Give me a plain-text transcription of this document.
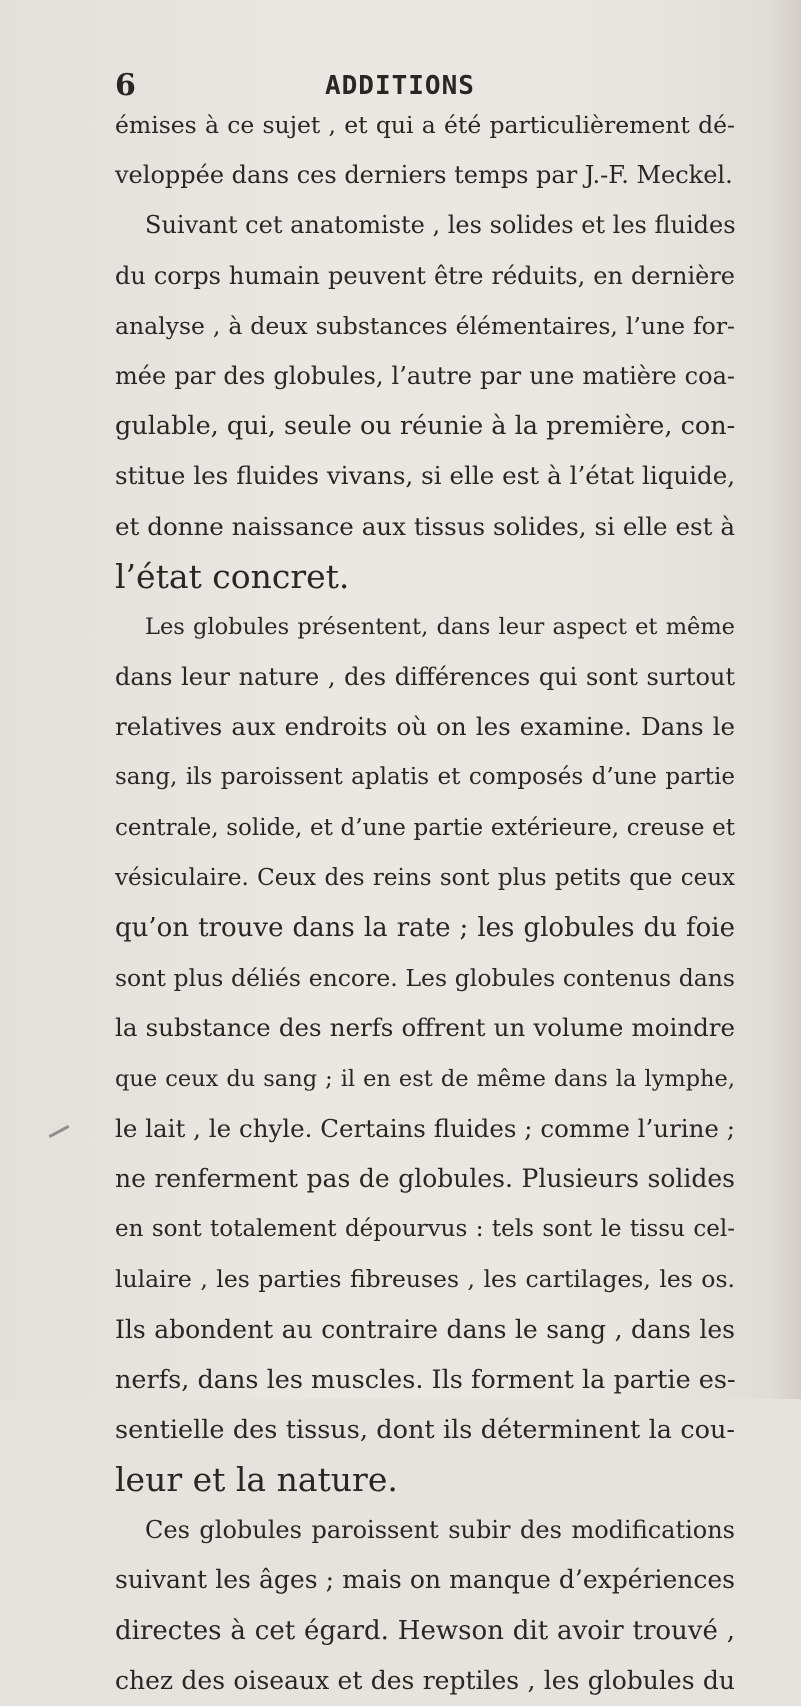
6	ADDITIONS
émises à ce sujet , et qui a été particulièrement dé-
veloppée dans ces derniers temps par J.-F. Meckel.
Suivant cet anatomiste , les solides et les fluides
du corps humain peuvent être réduits, en dernière
analyse , à deux substances élémentaires, l’une for-
mée par des globules, l’autre par une matière coa-
gulable, qui, seule ou réunie à la première, con-
stitue les fluides vivans, si elle est à l’état liquide,
et donne naissance aux tissus solides, si elle est à
l’état concret.
Les globules présentent, dans leur aspect et même
dans leur nature , des différences qui sont surtout
relatives aux endroits où on les examine. Dans le
sang, ils paroissent aplatis et composés d’une partie
centrale, solide, et d’une partie extérieure, creuse et
vésiculaire. Ceux des reins sont plus petits que ceux
qu’on trouve dans la rate ; les globules du foie
sont plus déliés encore. Les globules contenus dans
la substance des nerfs offrent un volume moindre
que ceux du sang ; il en est de même dans la lymphe,
le lait , le chyle. Certains fluides ; comme l’urine ;
ne renferment pas de globules. Plusieurs solides
en sont totalement dépourvus : tels sont le tissu cel-
lulaire , les parties fibreuses , les cartilages, les os.
Ils abondent au contraire dans le sang , dans les
nerfs, dans les muscles. Ils forment la partie es-
sentielle des tissus, dont ils déterminent la cou-
leur et la nature.
Ces globules paroissent subir des modifications
suivant les âges ; mais on manque d’expériences
directes à cet égard. Hewson dit avoir trouvé ,
chez des oiseaux et des reptiles , les globules du
